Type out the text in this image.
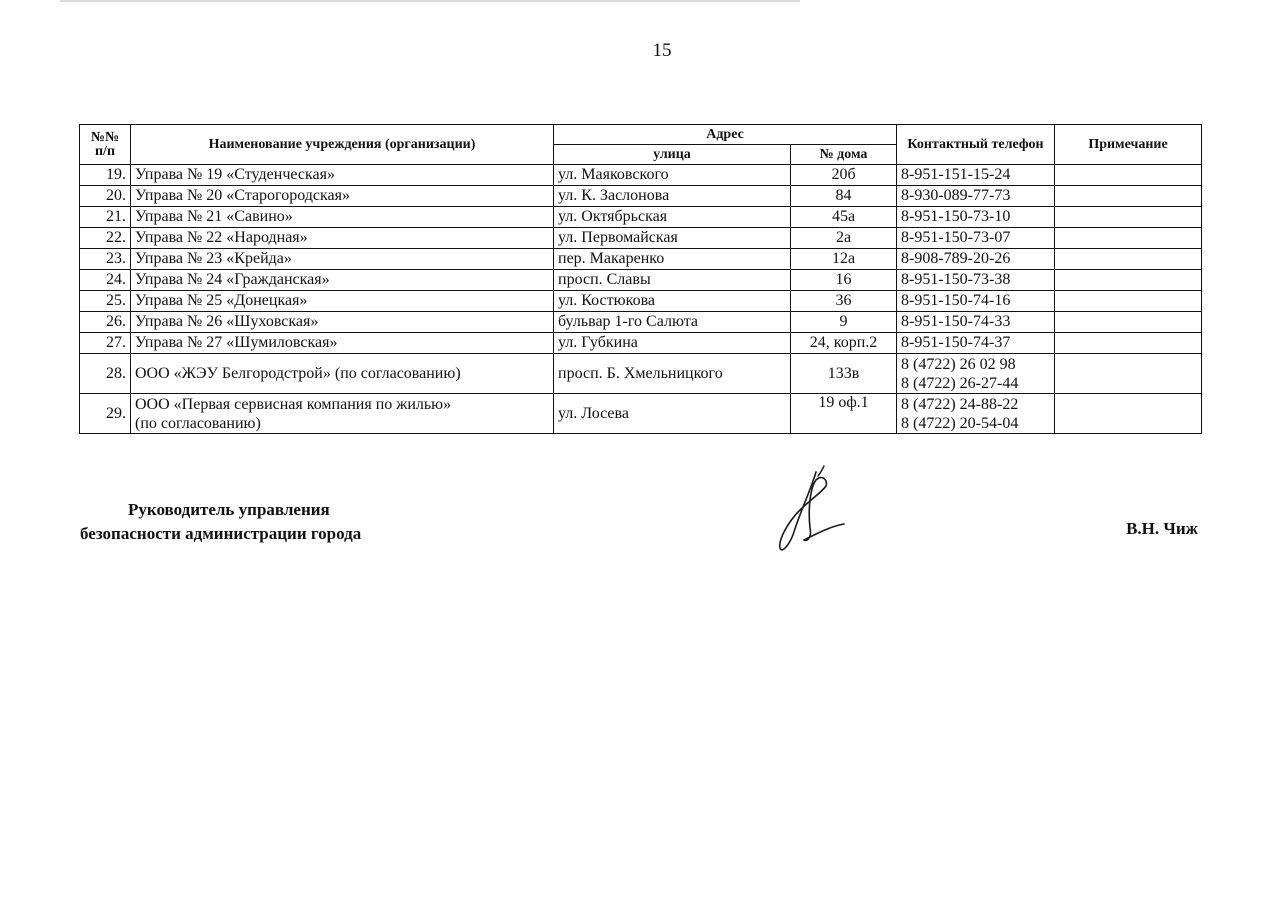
15
№№ п/п	Наименование учреждения (организации)	Адрес		Контактный телефон	Примечание
		улица	№ дома		
19.	Управа № 19 «Студенческая»	ул. Маяковского	20б	8-951-151-15-24	
20.	Управа № 20 «Старогородская»	ул. К. Заслонова	84	8-930-089-77-73	
21.	Управа № 21 «Савино»	ул. Октябрьская	45а	8-951-150-73-10	
22.	Управа № 22 «Народная»	ул. Первомайская	2а	8-951-150-73-07	
23.	Управа № 23 «Крейда»	пер. Макаренко	12а	8-908-789-20-26	
24.	Управа № 24 «Гражданская»	просп. Славы	16	8-951-150-73-38	
25.	Управа № 25 «Донецкая»	ул. Костюкова	36	8-951-150-74-16	
26.	Управа № 26 «Шуховская»	бульвар 1-го Салюта	9	8-951-150-74-33	
27.	Управа № 27 «Шумиловская»	ул. Губкина	24, корп.2	8-951-150-74-37	
28.	ООО «ЖЭУ Белгородстрой» (по согласованию)	просп. Б. Хмельницкого	133в	8 (4722) 26 02 98
8 (4722) 26-27-44	

29.	ООО «Первая сервисная компания по жилью»
(по согласованию)	ул. Лосева	19 оф.1	8 (4722) 24-88-22
8 (4722) 20-54-04	

Руководитель управления
безопасности администрации города	В.Н. Чиж
